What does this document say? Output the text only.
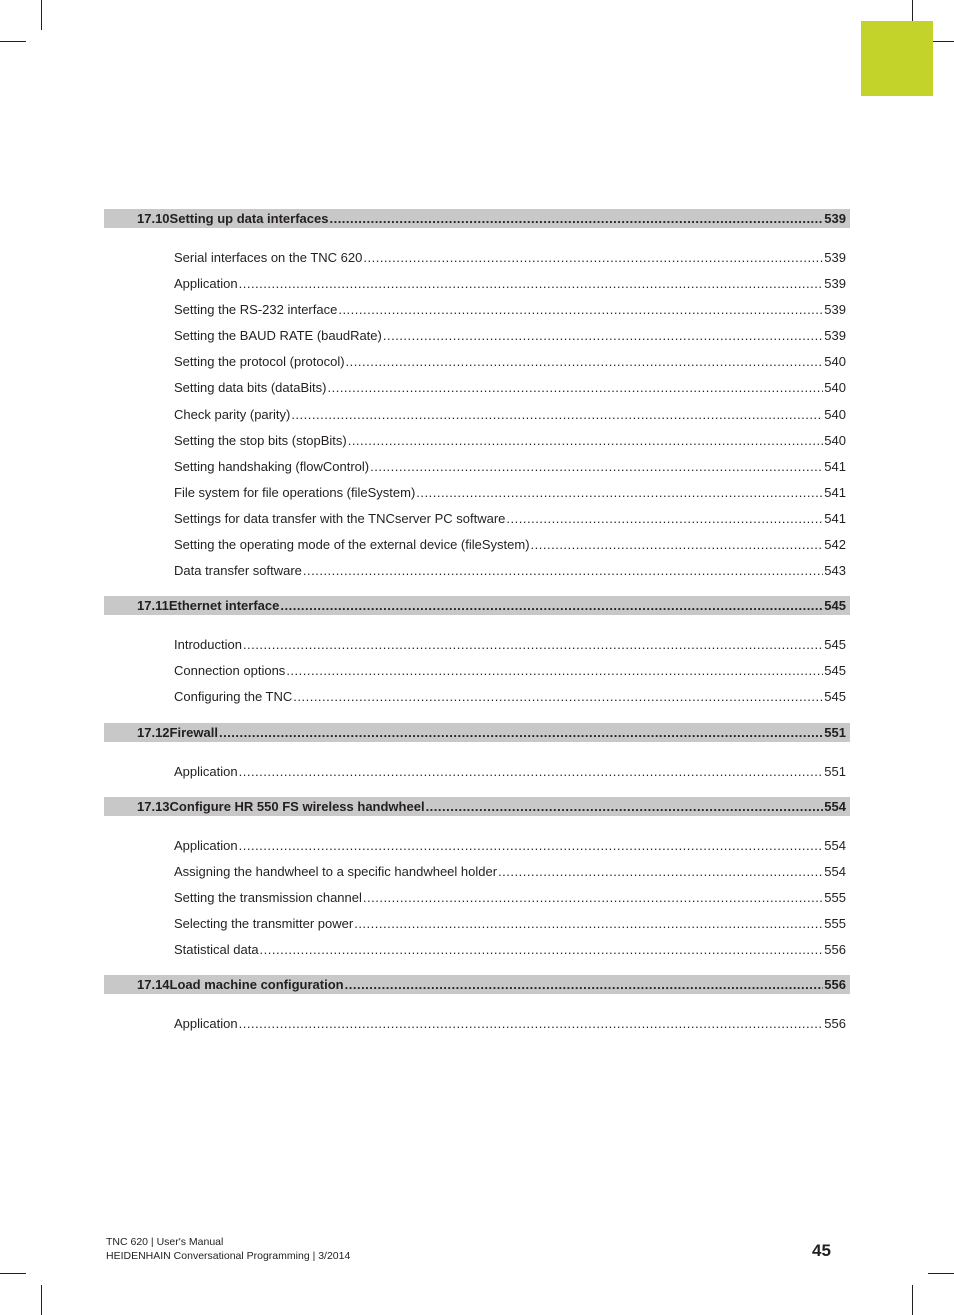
17.10 Setting up data interfaces .....	539
Serial interfaces on the TNC 620 .....	539
Application .....	539
Setting the RS-232 interface .....	539
Setting the BAUD RATE (baudRate) .....	539
Setting the protocol (protocol) .....	540
Setting data bits (dataBits) .....	540
Check parity (parity) .....	540
Setting the stop bits (stopBits) .....	540
Setting handshaking (flowControl) .....	541
File system for file operations (fileSystem) .....	541
Settings for data transfer with the TNCserver PC software .....	541
Setting the operating mode of the external device (fileSystem) .....	542
Data transfer software .....	543
17.11 Ethernet interface .....	545
Introduction .....	545
Connection options .....	545
Configuring the TNC .....	545
17.12 Firewall .....	551
Application .....	551
17.13 Configure HR 550 FS wireless handwheel .....	554
Application .....	554
Assigning the handwheel to a specific handwheel holder .....	554
Setting the transmission channel .....	555
Selecting the transmitter power .....	555
Statistical data .....	556
17.14 Load machine configuration .....	556
Application .....	556
TNC 620 | User's Manual
HEIDENHAIN Conversational Programming | 3/2014	45
